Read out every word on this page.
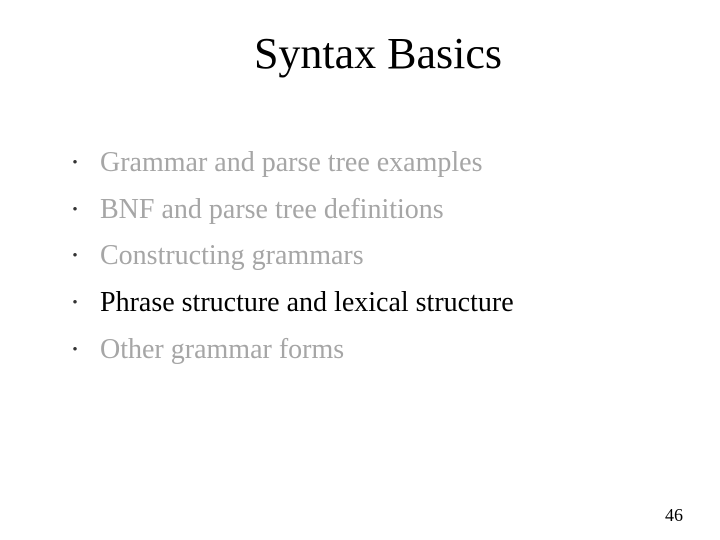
Syntax Basics
• Grammar and parse tree examples
• BNF and parse tree definitions
• Constructing grammars
• Phrase structure and lexical structure
• Other grammar forms
46
